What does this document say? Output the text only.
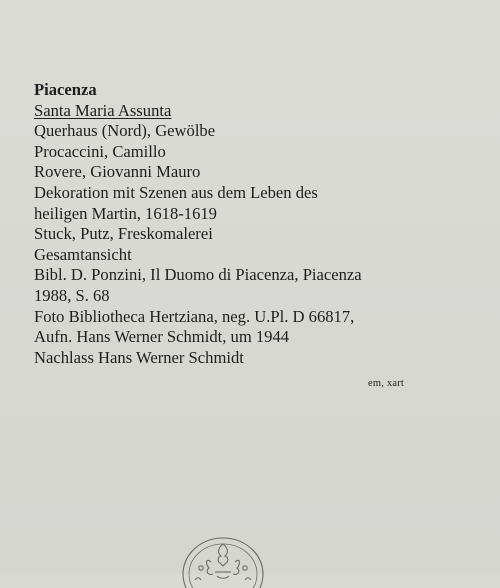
Piacenza
Santa Maria Assunta
Querhaus (Nord), Gewölbe
Procaccini, Camillo
Rovere, Giovanni Mauro
Dekoration mit Szenen aus dem Leben des
heiligen Martin, 1618-1619
Stuck, Putz, Freskomalerei
Gesamtansicht
Bibl. D. Ponzini, Il Duomo di Piacenza, Piacenza
1988, S. 68
Foto Bibliotheca Hertziana, neg. U.Pl. D 66817,
Aufn. Hans Werner Schmidt, um 1944
Nachlass Hans Werner Schmidt
em, xart
